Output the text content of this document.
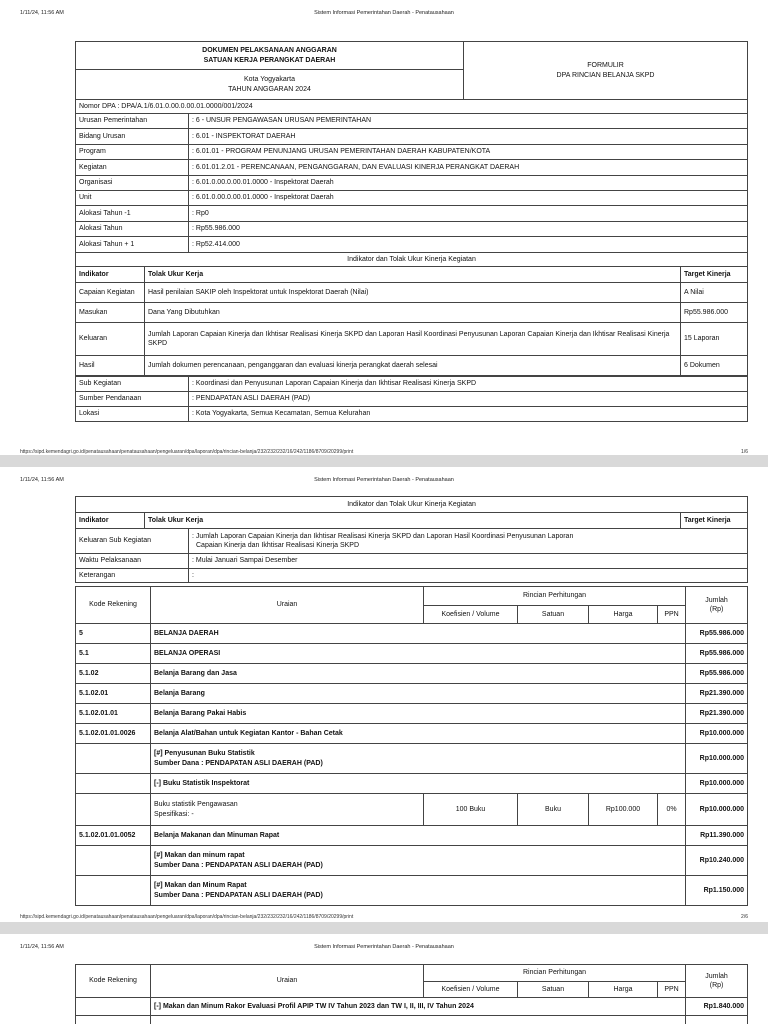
1/11/24, 11:56 AM	Sistem Informasi Pemerintahan Daerah - Penatausahaan
DOKUMEN PELAKSANAAN ANGGARAN
SATUAN KERJA PERANGKAT DAERAH

FORMULIR
DPA RINCIAN BELANJA SKPD

Kota Yogyakarta
TAHUN ANGGARAN 2024
Nomor DPA : DPA/A.1/6.01.0.00.0.00.01.0000/001/2024
Urusan Pemerintahan	: 6 - UNSUR PENGAWASAN URUSAN PEMERINTAHAN
Bidang Urusan	: 6.01 - INSPEKTORAT DAERAH
Program	: 6.01.01 - PROGRAM PENUNJANG URUSAN PEMERINTAHAN DAERAH KABUPATEN/KOTA
Kegiatan	: 6.01.01.2.01 - PERENCANAAN, PENGANGGARAN, DAN EVALUASI KINERJA PERANGKAT DAERAH
Organisasi	: 6.01.0.00.0.00.01.0000 - Inspektorat Daerah
Unit	: 6.01.0.00.0.00.01.0000 - Inspektorat Daerah
Alokasi Tahun -1	: Rp0
Alokasi Tahun	: Rp55.986.000
Alokasi Tahun + 1	: Rp52.414.000
Indikator dan Tolak Ukur Kinerja Kegiatan		
Indikator	Tolak Ukur Kerja	Target Kinerja
Capaian Kegiatan	Hasil penilaian SAKIP oleh Inspektorat untuk Inspektorat Daerah (Nilai)	A Nilai
Masukan	Dana Yang Dibutuhkan	Rp55.986.000
Keluaran	Jumlah Laporan Capaian Kinerja dan Ikhtisar Realisasi Kinerja SKPD dan Laporan Hasil Koordinasi Penyusunan Laporan Capaian Kinerja dan Ikhtisar Realisasi Kinerja SKPD	15 Laporan
Hasil	Jumlah dokumen perencanaan, penganggaran dan evaluasi kinerja perangkat daerah selesai	6 Dokumen
Sub Kegiatan	: Koordinasi dan Penyusunan Laporan Capaian Kinerja dan Ikhtisar Realisasi Kinerja SKPD
Sumber Pendanaan	: PENDAPATAN ASLI DAERAH (PAD)
Lokasi	: Kota Yogyakarta, Semua Kecamatan, Semua Kelurahan
https://sipd.kemendagri.go.id/penatausahaan/penatausahaan/pengeluaran/dpa/laporan/dpa/rincian-belanja/232/232/232/16/242/1186/8709/20299/print	1/6
1/11/24, 11:56 AM	Sistem Informasi Pemerintahan Daerah - Penatausahaan
Indikator dan Tolak Ukur Kinerja Kegiatan			
Indikator	Tolak Ukur Kerja		Target Kinerja
Keluaran Sub Kegiatan		: Jumlah Laporan Capaian Kinerja dan Ikhtisar Realisasi Kinerja SKPD dan Laporan Hasil Koordinasi Penyusunan Laporan
Capaian Kinerja dan Ikhtisar Realisasi Kinerja SKPD	

Waktu Pelaksanaan		: Mulai Januari Sampai Desember	
Keterangan		:	
Kode Rekening	Uraian	Rincian Perhitungan				Jumlah
(Rp)

		Koefisien / Volume	Satuan	Harga	PPN	
5	BELANJA DAERAH					Rp55.986.000
5.1	BELANJA OPERASI					Rp55.986.000
5.1.02	Belanja Barang dan Jasa					Rp55.986.000
5.1.02.01	Belanja Barang					Rp21.390.000
5.1.02.01.01	Belanja Barang Pakai Habis					Rp21.390.000
5.1.02.01.01.0026	Belanja Alat/Bahan untuk Kegiatan Kantor - Bahan Cetak					Rp10.000.000

	[#] Penyusunan Buku Statistik
Sumber Dana : PENDAPATAN ASLI DAERAH (PAD)					Rp10.000.000
	[-] Buku Statistik Inspektorat					Rp10.000.000

	Buku statistik Pengawasan
Spesifikasi: -	100 Buku	Buku	Rp100.000	0%	Rp10.000.000
5.1.02.01.01.0052	Belanja Makanan dan Minuman Rapat					Rp11.390.000

	[#] Makan dan minum rapat
Sumber Dana : PENDAPATAN ASLI DAERAH (PAD)					Rp10.240.000

	[#] Makan dan Minum Rapat
Sumber Dana : PENDAPATAN ASLI DAERAH (PAD)					Rp1.150.000
https://sipd.kemendagri.go.id/penatausahaan/penatausahaan/pengeluaran/dpa/laporan/dpa/rincian-belanja/232/232/232/16/242/1186/8709/20299/print	2/6
1/11/24, 11:56 AM	Sistem Informasi Pemerintahan Daerah - Penatausahaan
Kode Rekening	Uraian	Rincian Perhitungan				Jumlah
(Rp)

		Koefisien / Volume	Satuan	Harga	PPN	
	[-] Makan dan Minum Rakor Evaluasi Profil APIP TW IV Tahun 2023 dan TW I, II, III, IV Tahun 2024					Rp1.840.000
